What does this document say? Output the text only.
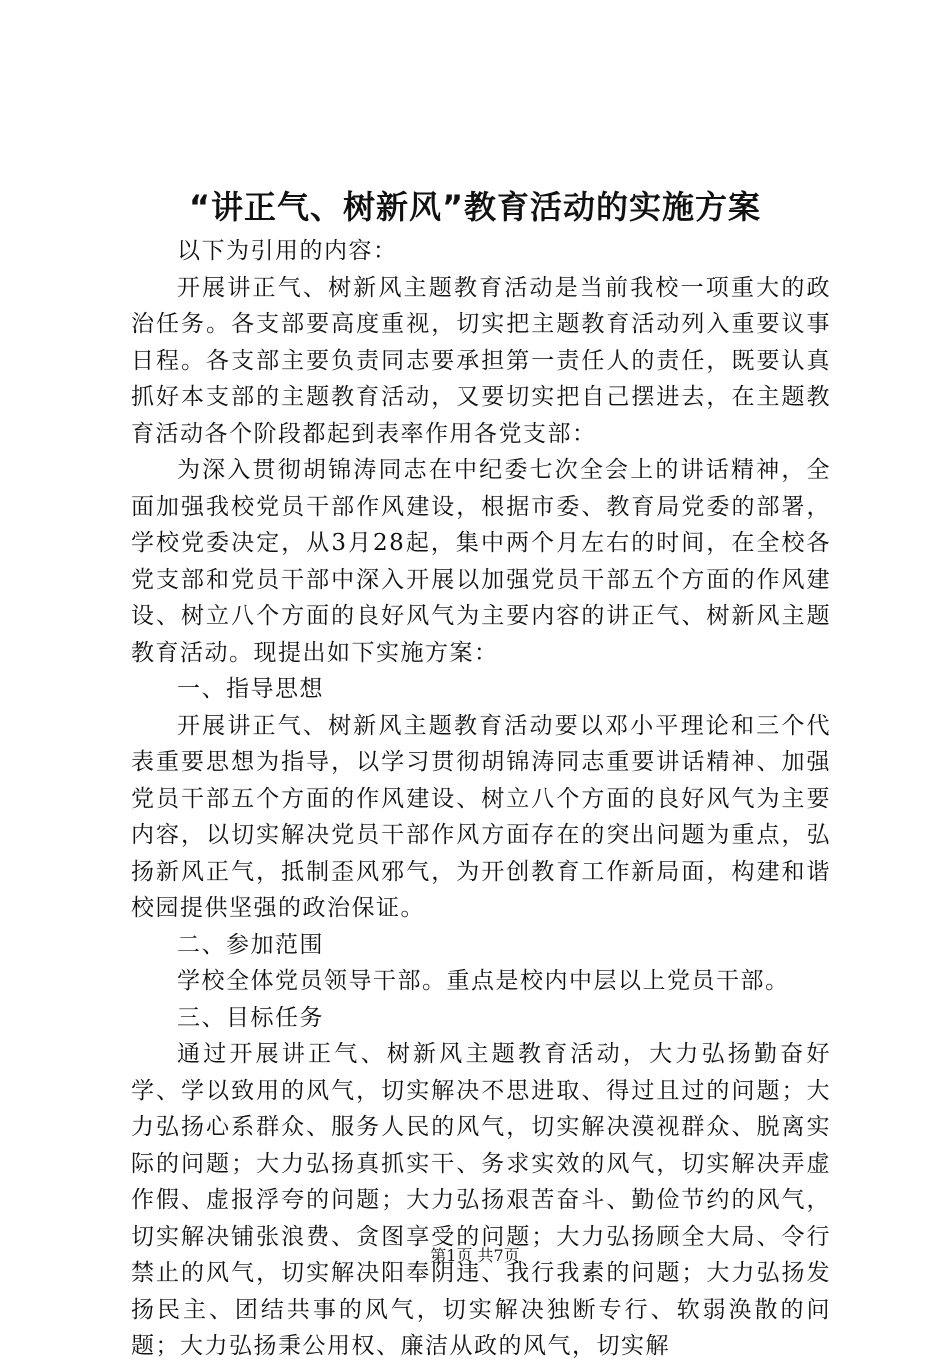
“讲正气、树新风”教育活动的实施方案

以下为引用的内容：

开展讲正气、树新风主题教育活动是当前我校一项重大的政治任务。各支部要高度重视，切实把主题教育活动列入重要议事日程。各支部主要负责同志要承担第一责任人的责任，既要认真抓好本支部的主题教育活动，又要切实把自己摆进去，在主题教育活动各个阶段都起到表率作用各党支部：

为深入贯彻胡锦涛同志在中纪委七次全会上的讲话精神，全面加强我校党员干部作风建设，根据市委、教育局党委的部署，学校党委决定，从3月28起，集中两个月左右的时间，在全校各党支部和党员干部中深入开展以加强党员干部五个方面的作风建设、树立八个方面的良好风气为主要内容的讲正气、树新风主题教育活动。现提出如下实施方案：

一、指导思想

开展讲正气、树新风主题教育活动要以邓小平理论和三个代表重要思想为指导，以学习贯彻胡锦涛同志重要讲话精神、加强党员干部五个方面的作风建设、树立八个方面的良好风气为主要内容，以切实解决党员干部作风方面存在的突出问题为重点，弘扬新风正气，抵制歪风邪气，为开创教育工作新局面，构建和谐校园提供坚强的政治保证。

二、参加范围

学校全体党员领导干部。重点是校内中层以上党员干部。

三、目标任务

通过开展讲正气、树新风主题教育活动，大力弘扬勤奋好学、学以致用的风气，切实解决不思进取、得过且过的问题；大力弘扬心系群众、服务人民的风气，切实解决漠视群众、脱离实际的问题；大力弘扬真抓实干、务求实效的风气，切实解决弄虚作假、虚报浮夸的问题；大力弘扬艰苦奋斗、勤俭节约的风气，切实解决铺张浪费、贪图享受的问题；大力弘扬顾全大局、令行禁止的风气，切实解决阳奉阴违、我行我素的问题；大力弘扬发扬民主、团结共事的风气，切实解决独断专行、软弱涣散的问题；大力弘扬秉公用权、廉洁从政的风气，切实解

第1页 共7页
